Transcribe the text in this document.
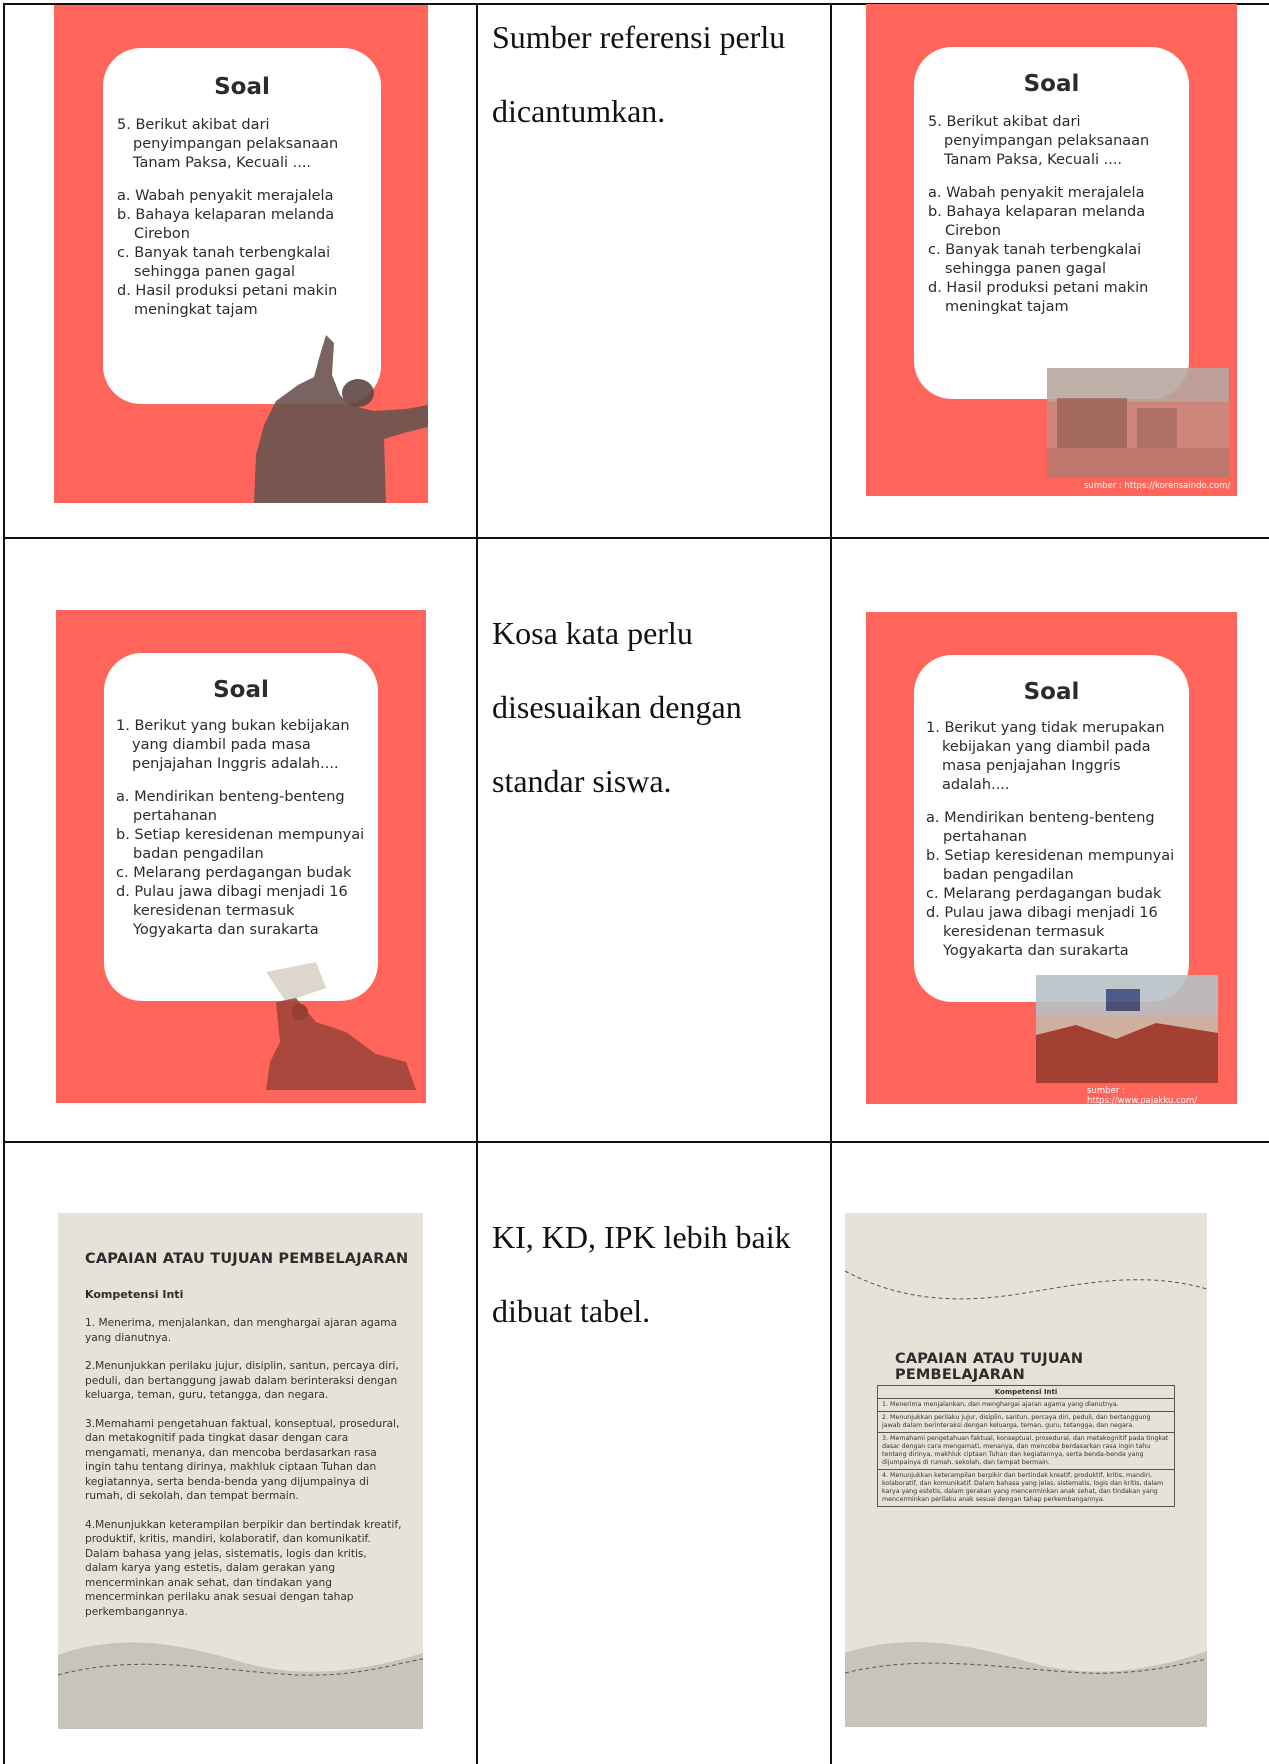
Soal

5. Berikut akibat dari penyimpangan pelaksanaan Tanam Paksa, Kecuali ....

a. Wabah penyakit merajalela

b. Bahaya kelaparan melanda Cirebon

c. Banyak tanah terbengkalai sehingga panen gagal

d. Hasil produksi petani makin meningkat tajam

Sumber referensi perlu
dicantumkan.
Soal

5. Berikut akibat dari penyimpangan pelaksanaan Tanam Paksa, Kecuali ....

a. Wabah penyakit merajalela

b. Bahaya kelaparan melanda Cirebon

c. Banyak tanah terbengkalai sehingga panen gagal

d. Hasil produksi petani makin meningkat tajam

sumber : https://korensaindo.com/
Soal

1. Berikut yang bukan kebijakan yang diambil pada masa penjajahan Inggris adalah....

a. Mendirikan benteng-benteng pertahanan

b. Setiap keresidenan mempunyai badan pengadilan

c. Melarang perdagangan budak

d. Pulau jawa dibagi menjadi 16 keresidenan termasuk Yogyakarta dan surakarta

Kosa kata perlu
disesuaikan dengan
standar siswa.
Soal

1. Berikut yang tidak merupakan kebijakan yang diambil pada masa penjajahan Inggris adalah....

a. Mendirikan benteng-benteng pertahanan

b. Setiap keresidenan mempunyai badan pengadilan

c. Melarang perdagangan budak

d. Pulau jawa dibagi menjadi 16 keresidenan termasuk Yogyakarta dan surakarta

sumber : https://www.pajakku.com/
CAPAIAN ATAU TUJUAN PEMBELAJARAN
Kompetensi Inti

1. Menerima, menjalankan, dan menghargai ajaran agama yang dianutnya.

2.Menunjukkan perilaku jujur, disiplin, santun, percaya diri, peduli, dan bertanggung jawab dalam berinteraksi dengan keluarga, teman, guru, tetangga, dan negara.

3.Memahami pengetahuan faktual, konseptual, prosedural, dan metakognitif pada tingkat dasar dengan cara mengamati, menanya, dan mencoba berdasarkan rasa ingin tahu tentang dirinya, makhluk ciptaan Tuhan dan kegiatannya, serta benda-benda yang dijumpainya di rumah, di sekolah, dan tempat bermain.

4.Menunjukkan keterampilan berpikir dan bertindak kreatif, produktif, kritis, mandiri, kolaboratif, dan komunikatif. Dalam bahasa yang jelas, sistematis, logis dan kritis, dalam karya yang estetis, dalam gerakan yang mencerminkan anak sehat, dan tindakan yang mencerminkan perilaku anak sesuai dengan tahap perkembangannya.

KI, KD, IPK lebih baik
dibuat tabel.
CAPAIAN ATAU TUJUAN PEMBELAJARAN
Kompetensi Inti
1. Menerima menjalankan, dan menghargai ajaran agama yang dianutnya.
2. Menunjukkan perilaku jujur, disiplin, santun, percaya diri, peduli, dan bertanggung jawab dalam berinteraksi dengan keluarga, teman, guru, tetangga, dan negara.
3. Memahami pengetahuan faktual, konseptual, prosedural, dan metakognitif pada tingkat dasar dengan cara mengamati, menanya, dan mencoba berdasarkan rasa ingin tahu tentang dirinya, makhluk ciptaan Tuhan dan kegiatannya, serta benda-benda yang dijumpainya di rumah, sekolah, dan tempat bermain.
4. Menunjukkan keterampilan berpikir dan bertindak kreatif, produktif, kritis, mandiri, kolaboratif, dan komunikatif. Dalam bahasa yang jelas, sistematis, logis dan kritis, dalam karya yang estetis, dalam gerakan yang mencerminkan anak sehat, dan tindakan yang mencerminkan perilaku anak sesuai dengan tahap perkembangannya.
